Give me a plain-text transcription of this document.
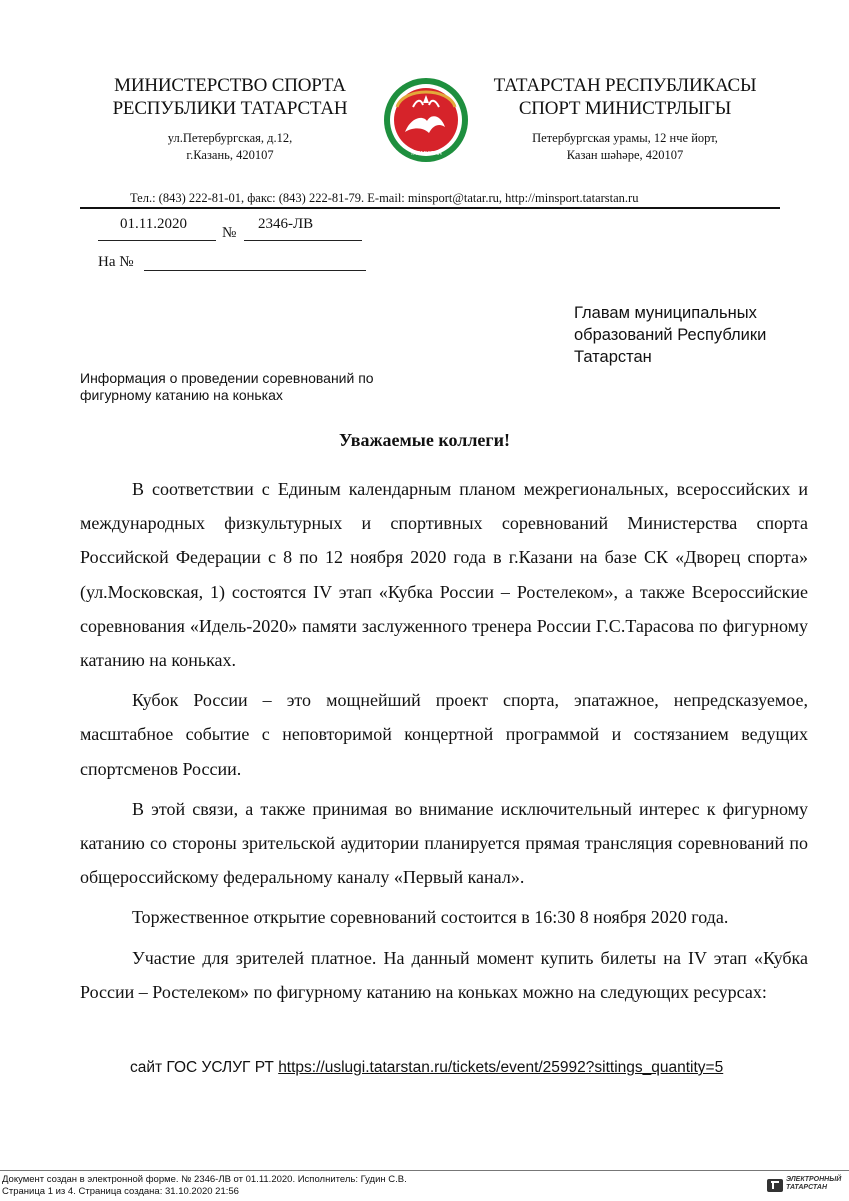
МИНИСТЕРСТВО СПОРТА
РЕСПУБЛИКИ ТАТАРСТАН
ул.Петербургская, д.12,
г.Казань, 420107	ТАТАРСТАН
ТАТАРСТАН РЕСПУБЛИКАСЫ
СПОРТ МИНИСТРЛЫГЫ
Петербургская урамы, 12 нче йорт,
Казан шәһәре, 420107
Тел.: (843) 222-81-01, факс: (843) 222-81-79. E-mail: minsport@tatar.ru, http://minsport.tatarstan.ru
01.11.2020
№
2346-ЛВ
На №
Главам муниципальных
образований Республики
Татарстан
Информация о проведении соревнований по
фигурному катанию на коньках
Уважаемые коллеги!

В соответствии с Единым календарным планом межрегиональных, всероссийских и международных физкультурных и спортивных соревнований Министерства спорта Российской Федерации с 8 по 12 ноября 2020 года в г.Казани на базе СК «Дворец спорта» (ул.Московская, 1) состоятся IV этап «Кубка России – Ростелеком», а также Всероссийские соревнования «Идель-2020» памяти заслуженного тренера России Г.С.Тарасова по фигурному катанию на коньках.

Кубок России – это мощнейший проект спорта, эпатажное, непредсказуемое, масштабное событие с неповторимой концертной программой и состязанием ведущих спортсменов России.

В этой связи, а также принимая во внимание исключительный интерес к фигурному катанию со стороны зрительской аудитории планируется прямая трансляция соревнований по общероссийскому федеральному каналу «Первый канал».

Торжественное открытие соревнований состоится в 16:30 8 ноября 2020 года.

Участие для зрителей платное. На данный момент купить билеты на IV этап «Кубка России – Ростелеком» по фигурному катанию на коньках можно на следующих ресурсах:

сайт ГОС УСЛУГ РТ https://uslugi.tatarstan.ru/tickets/event/25992?sittings_quantity=5
Документ создан в электронной форме. № 2346-ЛВ от 01.11.2020. Исполнитель: Гудин С.В.
Страница 1 из 4. Страница создана: 31.10.2020 21:56
ЭЛЕКТРОННЫЙ
ТАТАРСТАН
